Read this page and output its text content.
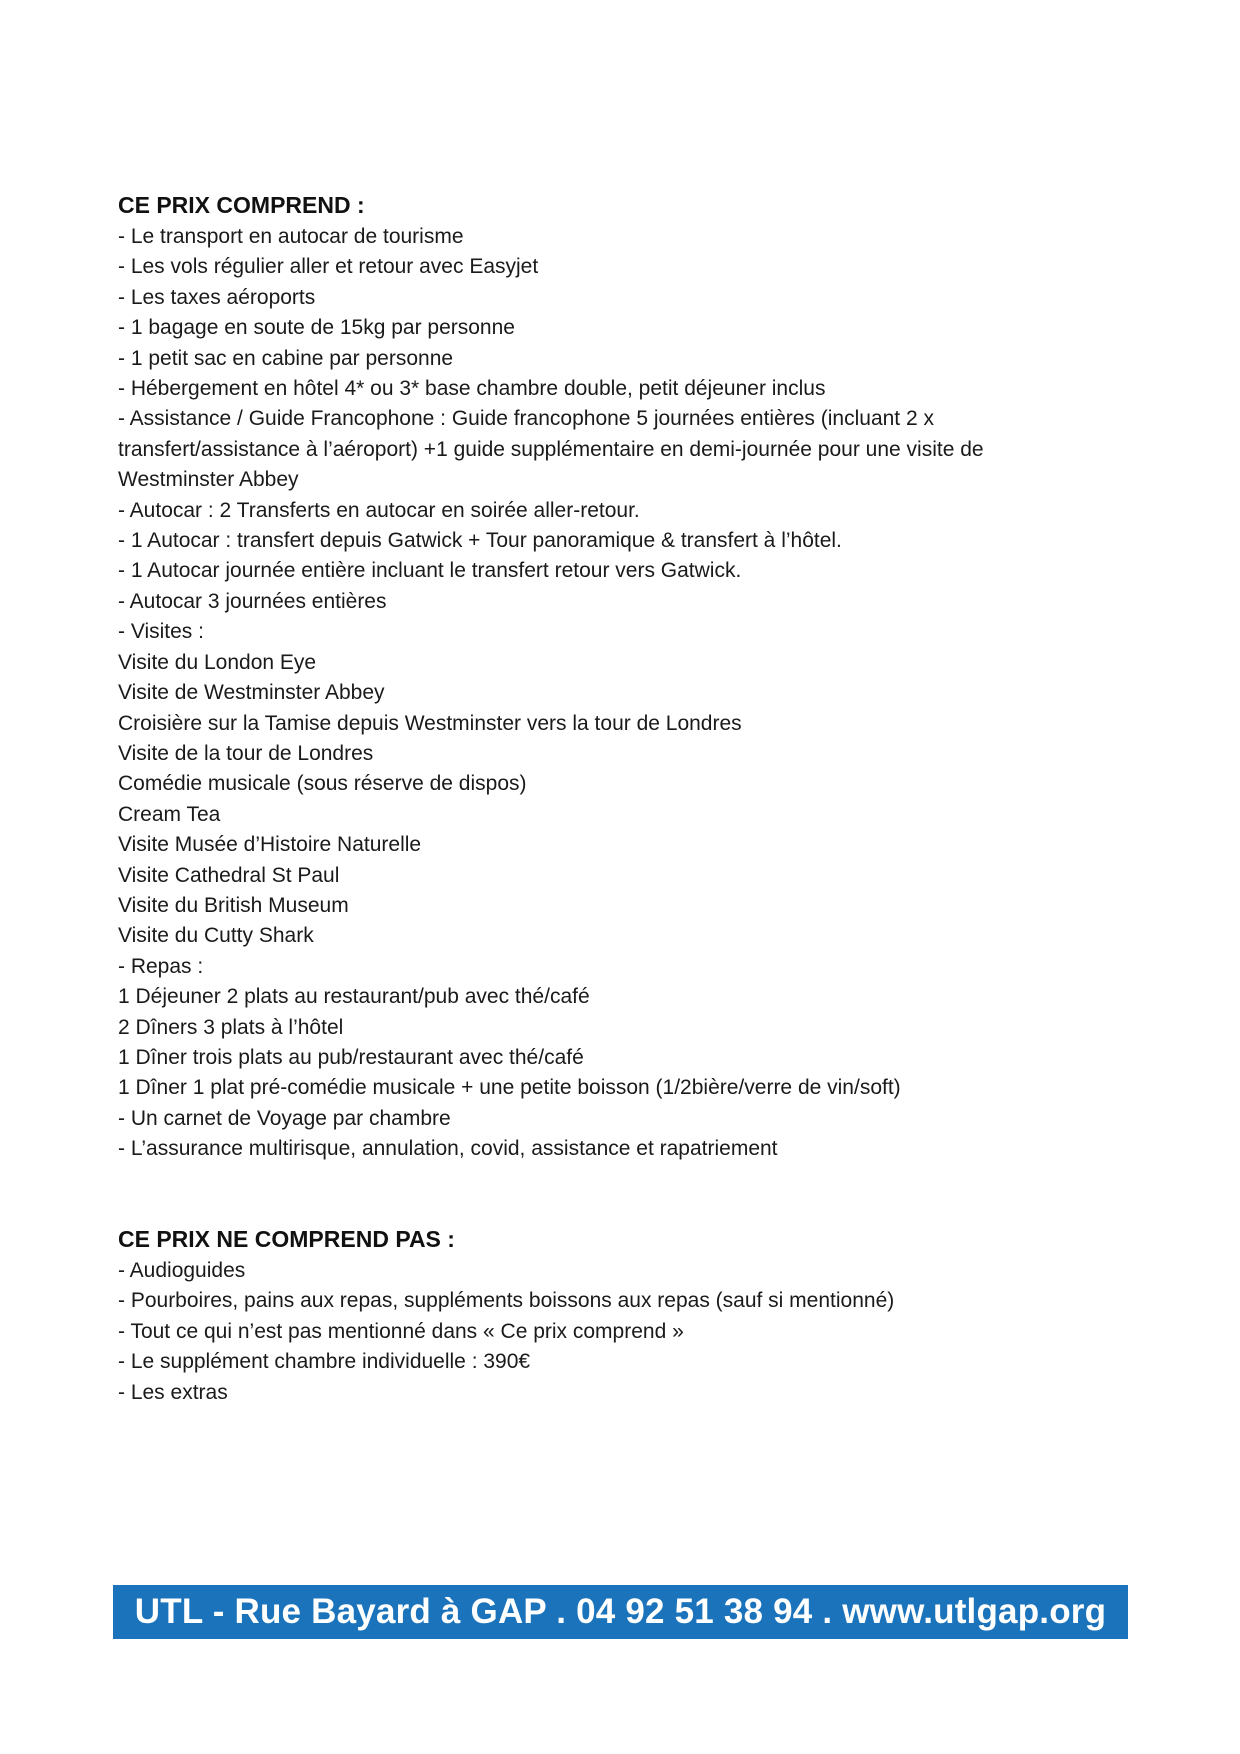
CE PRIX COMPREND :
- Le transport en autocar de tourisme
- Les vols régulier aller et retour avec Easyjet
- Les taxes aéroports
- 1 bagage en soute de 15kg par personne
- 1 petit sac en cabine par personne
- Hébergement en hôtel 4* ou 3* base chambre double, petit déjeuner inclus
- Assistance / Guide Francophone : Guide francophone 5 journées entières (incluant 2 x
transfert/assistance à l’aéroport) +1 guide supplémentaire en demi-journée pour une visite de
Westminster Abbey
- Autocar : 2 Transferts en autocar en soirée aller-retour.
- 1 Autocar : transfert depuis Gatwick + Tour panoramique & transfert à l’hôtel.
- 1 Autocar journée entière incluant le transfert retour vers Gatwick.
- Autocar 3 journées entières
- Visites :
Visite du London Eye
Visite de Westminster Abbey
Croisière sur la Tamise depuis Westminster vers la tour de Londres
Visite de la tour de Londres
Comédie musicale (sous réserve de dispos)
Cream Tea
Visite Musée d’Histoire Naturelle
Visite Cathedral St Paul
Visite du British Museum
Visite du Cutty Shark
- Repas :
1 Déjeuner 2 plats au restaurant/pub avec thé/café
2 Dîners 3 plats à l’hôtel
1 Dîner trois plats au pub/restaurant avec thé/café
1 Dîner 1 plat pré-comédie musicale + une petite boisson (1/2bière/verre de vin/soft)
- Un carnet de Voyage par chambre
- L’assurance multirisque, annulation, covid, assistance et rapatriement
CE PRIX NE COMPREND PAS :
- Audioguides
- Pourboires, pains aux repas, suppléments boissons aux repas (sauf si mentionné)
- Tout ce qui n’est pas mentionné dans « Ce prix comprend »
- Le supplément chambre individuelle : 390€
- Les extras
UTL - Rue Bayard à GAP . 04 92 51 38 94 . www.utlgap.org
